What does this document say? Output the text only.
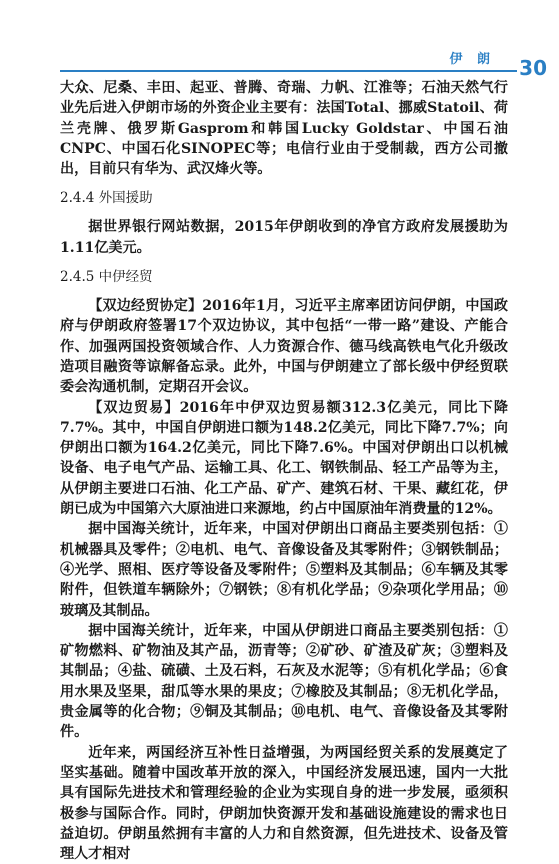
伊 朗 30

大众、尼桑、丰田、起亚、普腾、奇瑞、力帆、江淮等；石油天然气行业先后进入伊朗市场的外资企业主要有：法国Total、挪威Statoil、荷兰壳牌、俄罗斯Gasprom和韩国Lucky Goldstar、中国石油CNPC、中国石化SINOPEC等；电信行业由于受制裁，西方公司撤出，目前只有华为、武汉烽火等。

2.4.4 外国援助

据世界银行网站数据，2015年伊朗收到的净官方政府发展援助为1.11亿美元。

2.4.5 中伊经贸

【双边经贸协定】2016年1月，习近平主席率团访问伊朗，中国政府与伊朗政府签署17个双边协议，其中包括“一带一路”建设、产能合作、加强两国投资领域合作、人力资源合作、德马线高铁电气化升级改造项目融资等谅解备忘录。此外，中国与伊朗建立了部长级中伊经贸联委会沟通机制，定期召开会议。

【双边贸易】2016年中伊双边贸易额312.3亿美元，同比下降7.7%。其中，中国自伊朗进口额为148.2亿美元，同比下降7.7%；向伊朗出口额为164.2亿美元，同比下降7.6%。中国对伊朗出口以机械设备、电子电气产品、运输工具、化工、钢铁制品、轻工产品等为主，从伊朗主要进口石油、化工产品、矿产、建筑石材、干果、藏红花，伊朗已成为中国第六大原油进口来源地，约占中国原油年消费量的12%。

据中国海关统计，近年来，中国对伊朗出口商品主要类别包括：①机械器具及零件；②电机、电气、音像设备及其零附件；③钢铁制品；④光学、照相、医疗等设备及零附件；⑤塑料及其制品；⑥车辆及其零附件，但铁道车辆除外；⑦钢铁；⑧有机化学品；⑨杂项化学用品；⑩玻璃及其制品。

据中国海关统计，近年来，中国从伊朗进口商品主要类别包括：①矿物燃料、矿物油及其产品，沥青等；②矿砂、矿渣及矿灰；③塑料及其制品；④盐、硫磺、土及石料，石灰及水泥等；⑤有机化学品；⑥食用水果及坚果，甜瓜等水果的果皮；⑦橡胶及其制品；⑧无机化学品，贵金属等的化合物；⑨铜及其制品；⑩电机、电气、音像设备及其零附件。

近年来，两国经济互补性日益增强，为两国经贸关系的发展奠定了坚实基础。随着中国改革开放的深入，中国经济发展迅速，国内一大批具有国际先进技术和管理经验的企业为实现自身的进一步发展，亟须积极参与国际合作。同时，伊朗加快资源开发和基础设施建设的需求也日益迫切。伊朗虽然拥有丰富的人力和自然资源，但先进技术、设备及管理人才相对
